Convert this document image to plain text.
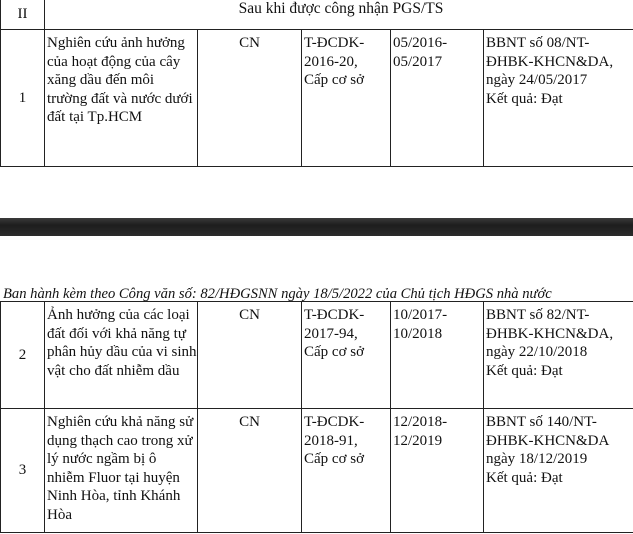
II	Sau khi được công nhận PGS/TS				
1	Nghiên cứu ảnh hưởng của hoạt động của cây xăng dầu đến môi trường đất và nước dưới đất tại Tp.HCM	CN	T-ĐCDK-2016-20,
Cấp cơ sở	05/2016-05/2017	BBNT số 08/NT-ĐHBK-KHCN&DA, ngày 24/05/2017
Kết quả: Đạt
Ban hành kèm theo Công văn số: 82/HĐGSNN ngày 18/5/2022 của Chủ tịch HĐGS nhà nước
2	Ảnh hưởng của các loại đất đối với khả năng tự phân hủy dầu của vi sinh vật cho đất nhiễm dầu	CN	T-ĐCDK-2017-94,
Cấp cơ sở	10/2017-10/2018	BBNT số 82/NT-ĐHBK-KHCN&DA, ngày 22/10/2018
Kết quả: Đạt
3	Nghiên cứu khả năng sử dụng thạch cao trong xử lý nước ngầm bị ô nhiễm Fluor tại huyện Ninh Hòa, tỉnh Khánh Hòa	CN	T-ĐCDK-2018-91,
Cấp cơ sở	12/2018-12/2019	BBNT số 140/NT-ĐHBK-KHCN&DA ngày 18/12/2019
Kết quả: Đạt
